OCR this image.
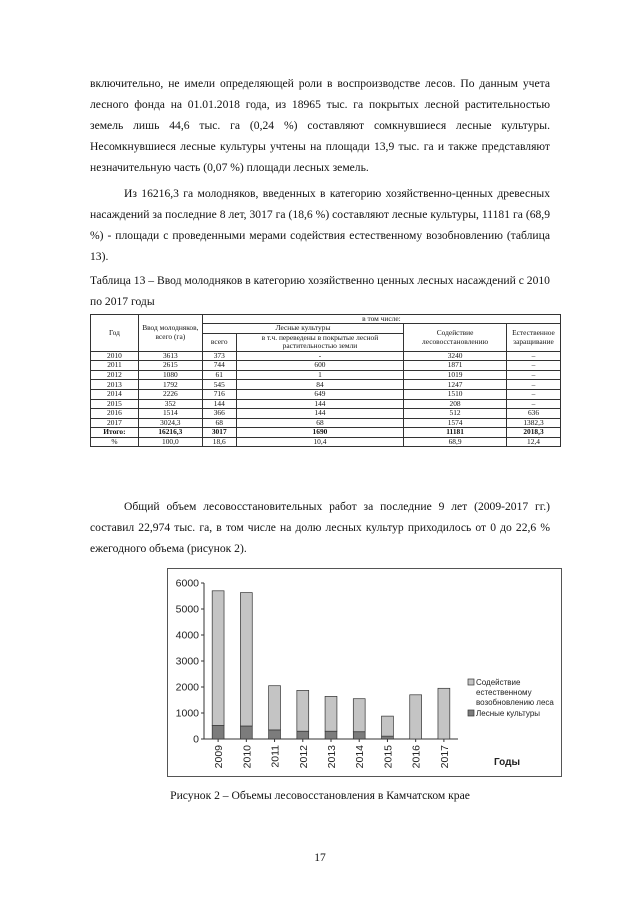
включительно, не имели определяющей роли в воспроизводстве лесов. По данным учета лесного фонда на 01.01.2018 года, из 18965 тыс. га покрытых лесной растительностью земель лишь 44,6 тыс. га (0,24 %) составляют сомкнувшиеся лесные культуры. Несомкнувшиеся лесные культуры учтены на площади 13,9 тыс. га и также представляют незначительную часть (0,07 %) площади лесных земель.

Из 16216,3 га молодняков, введенных в категорию хозяйственно-ценных древесных насаждений за последние 8 лет, 3017 га (18,6 %) составляют лесные культуры, 11181 га (68,9 %) - площади с проведенными мерами содействия естественному возобновлению (таблица 13).

Таблица 13 – Ввод молодняков в категорию хозяйственно ценных лесных насаждений с 2010 по 2017 годы

Год	Ввод молодняков, всего (га)	в том числе:			
		Лесные культуры		Содействие лесовосстановлению	Естественное заращивание
		всего	в т.ч. переведены в покрытые лесной растительностью земли		
2010	3613	373	-	3240	–
2011	2615	744	600	1871	–
2012	1080	61	1	1019	–
2013	1792	545	84	1247	–
2014	2226	716	649	1510	–
2015	352	144	144	208	–
2016	1514	366	144	512	636
2017	3024,3	68	68	1574	1382,3
Итого:	16216,3	3017	1690	11181	2018,3
%	100,0	18,6	10,4	68,9	12,4

Общий объем лесовосстановительных работ за последние 9 лет (2009-2017 гг.) составил 22,974 тыс. га, в том числе на долю лесных культур приходилось от 0 до 22,6 % ежегодного объема (рисунок 2).

0
1000
2000
3000
4000
5000
6000
2009 2010 2011 2012 2013 2014 2015 2016 2017	Годы
Содействие естественному возобновлению леса
Лесные культуры

Рисунок 2 – Объемы лесовосстановления в Камчатском крае

17
